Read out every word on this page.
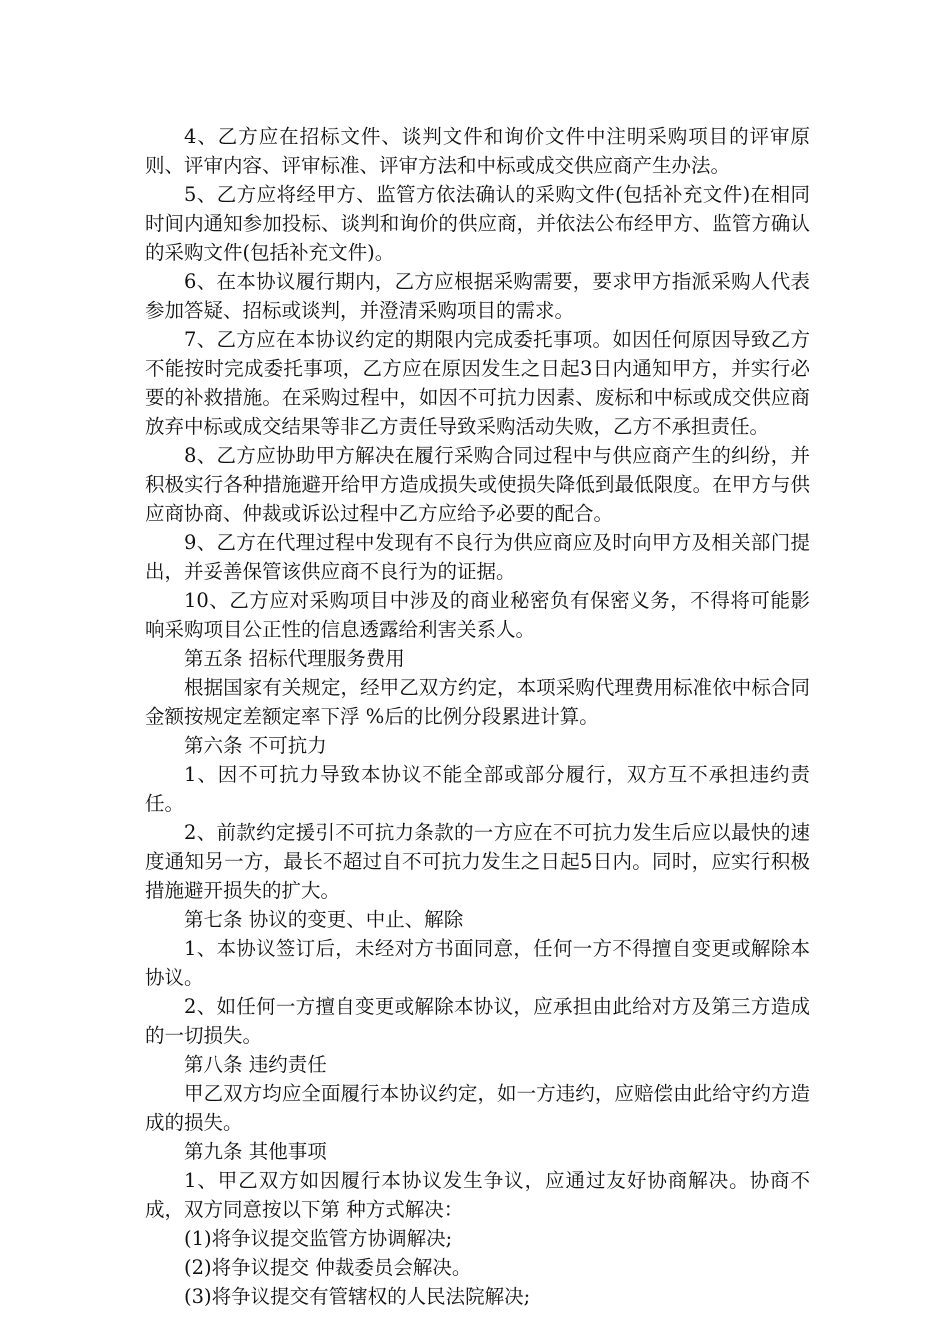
4、乙方应在招标文件、谈判文件和询价文件中注明采购项目的评审原则、评审内容、评审标准、评审方法和中标或成交供应商产生办法。

5、乙方应将经甲方、监管方依法确认的采购文件(包括补充文件)在相同时间内通知参加投标、谈判和询价的供应商，并依法公布经甲方、监管方确认的采购文件(包括补充文件)。

6、在本协议履行期内，乙方应根据采购需要，要求甲方指派采购人代表参加答疑、招标或谈判，并澄清采购项目的需求。

7、乙方应在本协议约定的期限内完成委托事项。如因任何原因导致乙方不能按时完成委托事项，乙方应在原因发生之日起3日内通知甲方，并实行必要的补救措施。在采购过程中，如因不可抗力因素、废标和中标或成交供应商放弃中标或成交结果等非乙方责任导致采购活动失败，乙方不承担责任。

8、乙方应协助甲方解决在履行采购合同过程中与供应商产生的纠纷，并积极实行各种措施避开给甲方造成损失或使损失降低到最低限度。在甲方与供应商协商、仲裁或诉讼过程中乙方应给予必要的配合。

9、乙方在代理过程中发现有不良行为供应商应及时向甲方及相关部门提出，并妥善保管该供应商不良行为的证据。

10、乙方应对采购项目中涉及的商业秘密负有保密义务，不得将可能影响采购项目公正性的信息透露给利害关系人。

第五条 招标代理服务费用

根据国家有关规定，经甲乙双方约定，本项采购代理费用标准依中标合同金额按规定差额定率下浮 %后的比例分段累进计算。

第六条 不可抗力

1、因不可抗力导致本协议不能全部或部分履行，双方互不承担违约责任。

2、前款约定援引不可抗力条款的一方应在不可抗力发生后应以最快的速度通知另一方，最长不超过自不可抗力发生之日起5日内。同时，应实行积极措施避开损失的扩大。

第七条 协议的变更、中止、解除

1、本协议签订后，未经对方书面同意，任何一方不得擅自变更或解除本协议。

2、如任何一方擅自变更或解除本协议，应承担由此给对方及第三方造成的一切损失。

第八条 违约责任

甲乙双方均应全面履行本协议约定，如一方违约，应赔偿由此给守约方造成的损失。

第九条 其他事项

1、甲乙双方如因履行本协议发生争议，应通过友好协商解决。协商不成，双方同意按以下第 种方式解决：

(1)将争议提交监管方协调解决;

(2)将争议提交 仲裁委员会解决。

(3)将争议提交有管辖权的人民法院解决;
